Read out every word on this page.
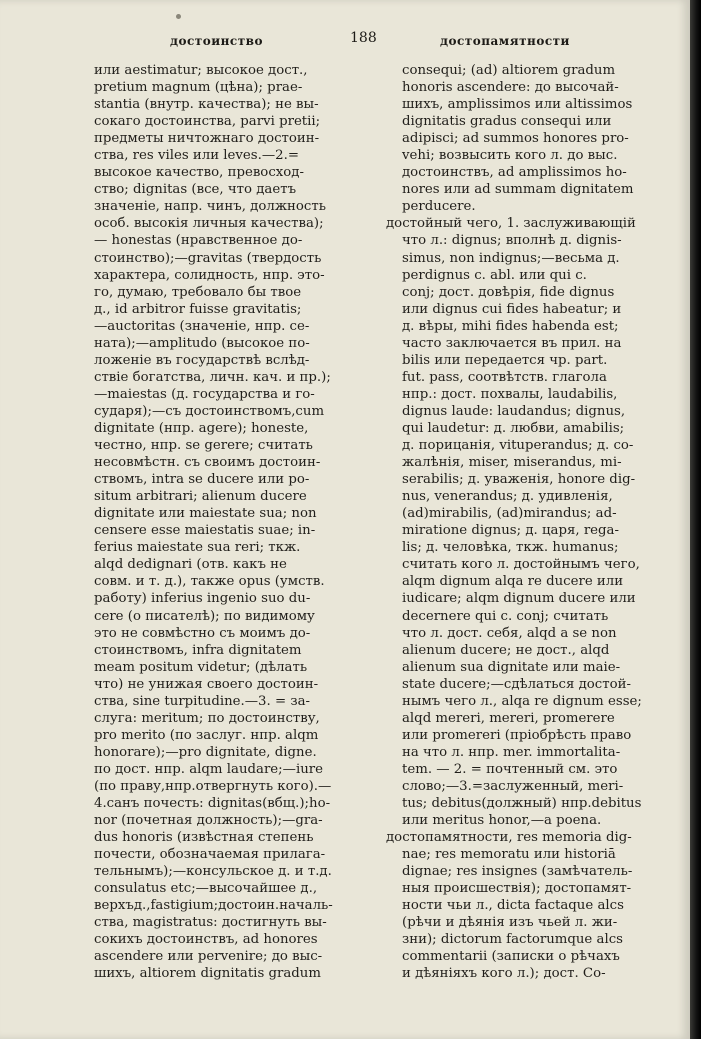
достоинство	188	достопамятности
или aestimatur; высокое дост.,
pretium magnum (цѣна); prae-
stantia (внутр. качества); не вы-
сокаго достоинства, parvi pretii;
предметы ничтожнаго достоин-
ства, res viles или leves.—2.=
высокое качество, превосход-
ство; dignitas (все, что даетъ
значеніе, напр. чинъ, должность
особ. высокія личныя качества);
— honestas (нравственное до-
стоинство);—gravitas (твердость
характера, солидность, нпр. это-
го, думаю, требовало бы твое
д., id arbitror fuisse gravitatis;
—auctoritas (значеніе, нпр. се-
ната);—amplitudo (высокое по-
ложеніе въ государствѣ вслѣд-
ствіе богатства, личн. кач. и пр.);
—maiestas (д. государства и го-
сударя);—съ достоинствомъ,cum
dignitate (нпр. agere); honeste,
честно, нпр. se gerere; считать
несовмѣстн. съ своимъ достоин-
ствомъ, intra se ducere или po-
situm arbitrari; alienum ducere
dignitate или maiestate sua; non
censere esse maiestatis suae; in-
ferius maiestate sua reri; ткж.
alqd dedignari (отв. какъ не
совм. и т. д.), также opus (умств.
работу) inferius ingenio suo du-
cere (о писателѣ); по видимому
это не совмѣстно съ моимъ до-
стоинствомъ, infra dignitatem
meam positum videtur; (дѣлать
что) не унижая своего достоин-
ства, sine turpitudine.—3. = за-
слуга: meritum; по достоинству,
pro merito (по заслуг. нпр. alqm
honorare);—pro dignitate, digne.
по дост. нпр. alqm laudare;—iure
(по праву,нпр.отвергнуть кого).—
4.санъ почесть: dignitas(вбщ.);ho-
nor (почетная должность);—gra-
dus honoris (извѣстная степень
почести, обозначаемая прилага-
тельнымъ);—консульское д. и т.д.
consulatus etc;—высочайшее д.,
верхъд.,fastigium;достоин.началь-
ства, magistratus: достигнуть вы-
сокихъ достоинствъ, ad honores
ascendere или pervenire; до выс-
шихъ, altiorem dignitatis gradum
consequi; (ad) altiorem gradum
honoris ascendere: до высочай-
шихъ, amplissimos или altissimos
dignitatis gradus consequi или
adipisci; ad summos honores pro-
vehi; возвысить кого л. до выс.
достоинствъ, ad amplissimos ho-
nores или ad summam dignitatem
perducere.
достойный чего, 1. заслуживающій
что л.: dignus; вполнѣ д. dignis-
simus, non indignus;—весьма д.
perdignus c. abl. или qui c.
conj; дост. довѣрія, fide dignus
или dignus cui fides habeatur; и
д. вѣры, mihi fides habenda est;
часто заключается въ прил. на
bilis или передается чр. part.
fut. pass, соотвѣтств. глагола
нпр.: дост. похвалы, laudabilis,
dignus laude: laudandus; dignus,
qui laudetur: д. любви, amabilis;
д. порицанія, vituperandus; д. со-
жалѣнія, miser, miserandus, mi-
serabilis; д. уваженія, honore dig-
nus, venerandus; д. удивленія,
(ad)mirabilis, (ad)mirandus; ad-
miratione dignus; д. царя, rega-
lis; д. человѣка, ткж. humanus;
считать кого л. достойнымъ чего,
alqm dignum alqa re ducere или
iudicare; alqm dignum ducere или
decernere qui c. conj; считать
что л. дост. себя, alqd a se non
alienum ducere; не дост., alqd
alienum sua dignitate или maie-
state ducere;—сдѣлаться достой-
нымъ чего л., alqa re dignum esse;
alqd mereri, mereri, promerere
или promereri (пріобрѣсть право
на что л. нпр. mer. immortalita-
tem. — 2. = почтенный см. это
слово;—3.=заслуженный, meri-
tus; debitus(должный) нпр.debitus
или meritus honor,—a poena.
достопамятности, res memoria dig-
nae; res memoratu или historiā
dignae; res insignes (замѣчатель-
ныя происшествія); достопамят-
ности чьи л., dicta factaque alcs
(рѣчи и дѣянія изъ чьей л. жи-
зни); dictorum factorumque alcs
commentarii (записки о рѣчахъ
и дѣяніяхъ кого л.); дост. Со-
